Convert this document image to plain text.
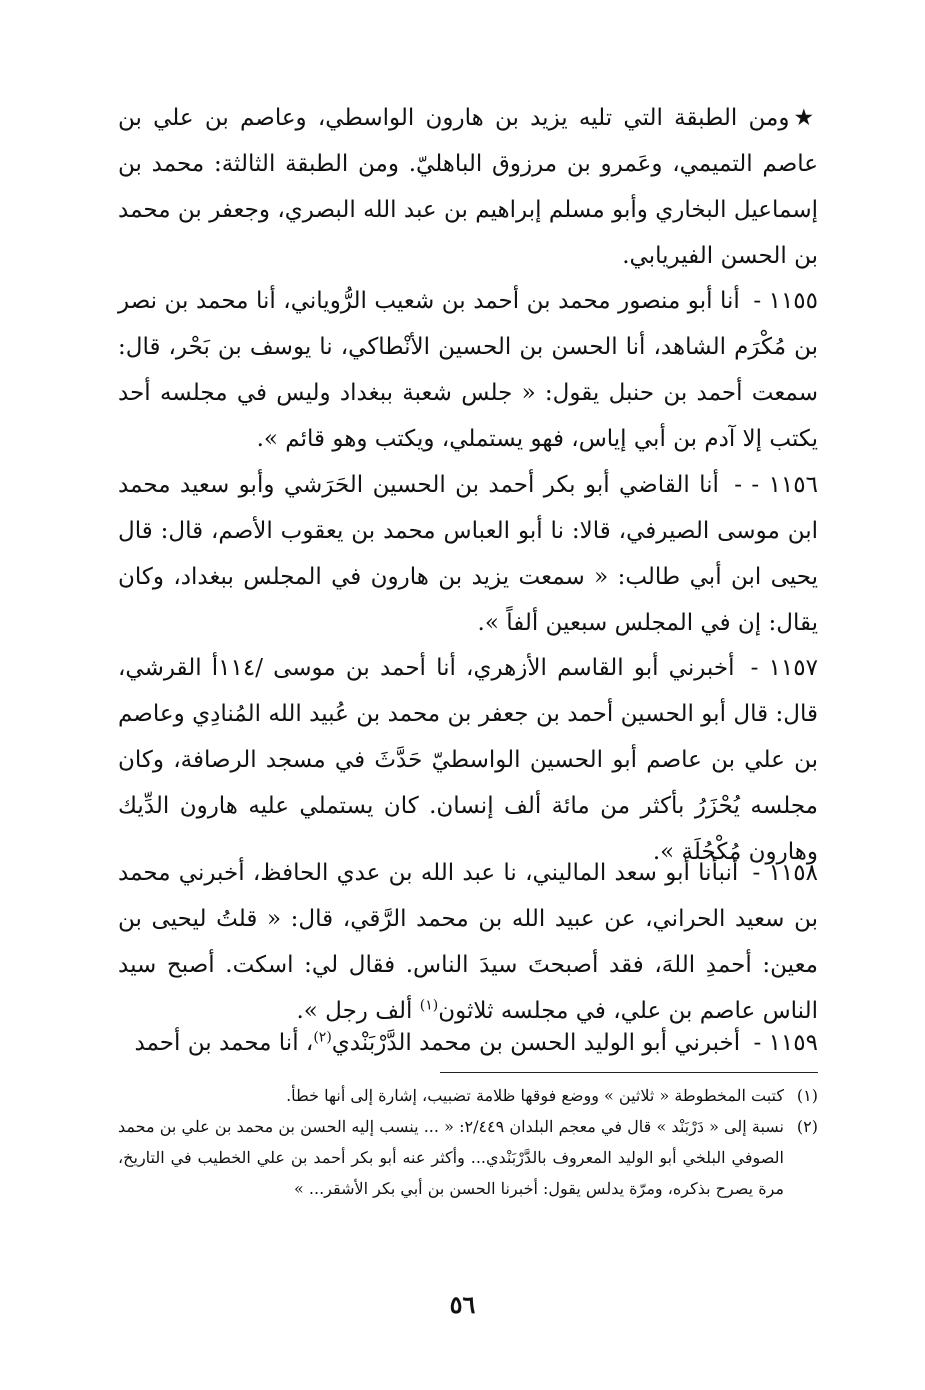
★ومن الطبقة التي تليه يزيد بن هارون الواسطي، وعاصم بن علي بن عاصم التميمي، وعَمرو بن مرزوق الباهليّ. ومن الطبقة الثالثة: محمد بن إسماعيل البخاري وأبو مسلم إبراهيم بن عبد الله البصري، وجعفر بن محمد بن الحسن الفيريابي.
١١٥٥ - أنا أبو منصور محمد بن أحمد بن شعيب الرُّوياني، أنا محمد بن نصر بن مُكْرَم الشاهد، أنا الحسن بن الحسين الأنْطاكي، نا يوسف بن بَحْر، قال: سمعت أحمد بن حنبل يقول: « جلس شعبة ببغداد وليس في مجلسه أحد يكتب إلا آدم بن أبي إياس، فهو يستملي، ويكتب وهو قائم ».
١١٥٦ - - أنا القاضي أبو بكر أحمد بن الحسين الحَرَشي وأبو سعيد محمد ابن موسى الصيرفي، قالا: نا أبو العباس محمد بن يعقوب الأصم، قال: قال يحيى ابن أبي طالب: « سمعت يزيد بن هارون في المجلس ببغداد، وكان يقال: إن في المجلس سبعين ألفاً ».
١١٥٧ - أخبرني أبو القاسم الأزهري، أنا أحمد بن موسى /١١٤أ القرشي، قال: قال أبو الحسين أحمد بن جعفر بن محمد بن عُبيد الله المُنادِي وعاصم بن علي بن عاصم أبو الحسين الواسطيّ حَدَّثَ في مسجد الرصافة، وكان مجلسه يُحْزَرُ بأكثر من مائة ألف إنسان. كان يستملي عليه هارون الدِّيك وهارون مُكْحُلَة ».
١١٥٨ - أنبأنا أبو سعد الماليني، نا عبد الله بن عدي الحافظ، أخبرني محمد بن سعيد الحراني، عن عبيد الله بن محمد الرَّقي، قال: « قلتُ ليحيى بن معين: أحمدِ اللهَ، فقد أصبحتَ سيدَ الناس. فقال لي: اسكت. أصبح سيد الناس عاصم بن علي، في مجلسه ثلاثون$^{(١)}$ ألف رجل ».
١١٥٩ - أخبرني أبو الوليد الحسن بن محمد الدَّرْبَنْدي$^{(٢)}$، أنا محمد بن أحمد

(١)
كتبت المخطوطة « ثلاثين » ووضع فوقها ظلامة تضبيب، إشارة إلى أنها خطأ.

(٢)
نسبة إلى « دَرْبَنْد » قال في معجم البلدان ٢/٤٤٩: « ... ينسب إليه الحسن بن محمد بن علي بن محمد الصوفي البلخي أبو الوليد المعروف بالدَّرْبَنْدي... وأكثر عنه أبو بكر أحمد بن علي الخطيب في التاريخ، مرة يصرح بذكره، ومرّة يدلس يقول: أخبرنا الحسن بن أبي بكر الأشقر... »

٥٦
